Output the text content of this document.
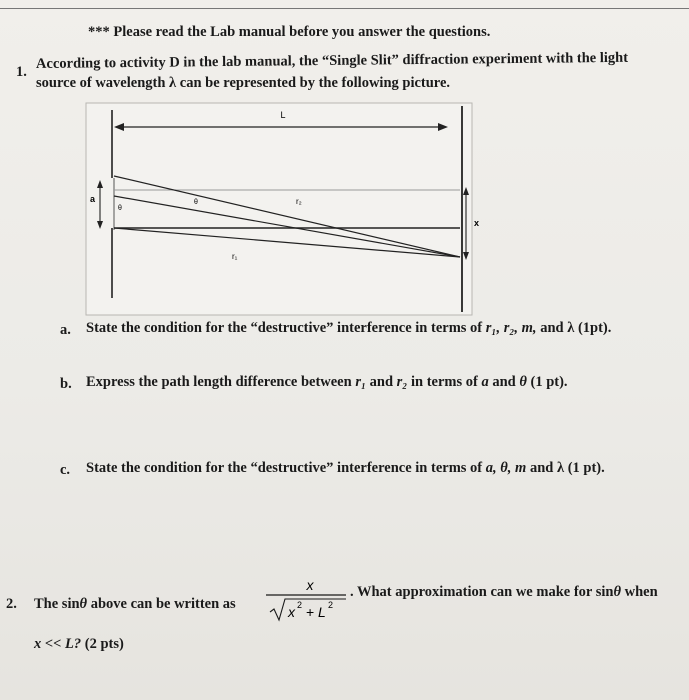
*** Please read the Lab manual before you answer the questions.
1.
According to activity D in the lab manual, the “Single Slit” diffraction experiment with the light
source of wavelength λ can be represented by the following picture.
L
a
θ
θ	r₂
r₁
x
a. State the condition for the “destructive” interference in terms of r₁, r₂, m, and λ (1pt).
b. Express the path length difference between r₁ and r₂ in terms of a and θ (1 pt).
c. State the condition for the “destructive” interference in terms of a, θ, m and λ (1 pt).
2. The sinθ above can be written as
x
x 2 + L 2
. What approximation can we make for sinθ when
x << L? (2 pts)
